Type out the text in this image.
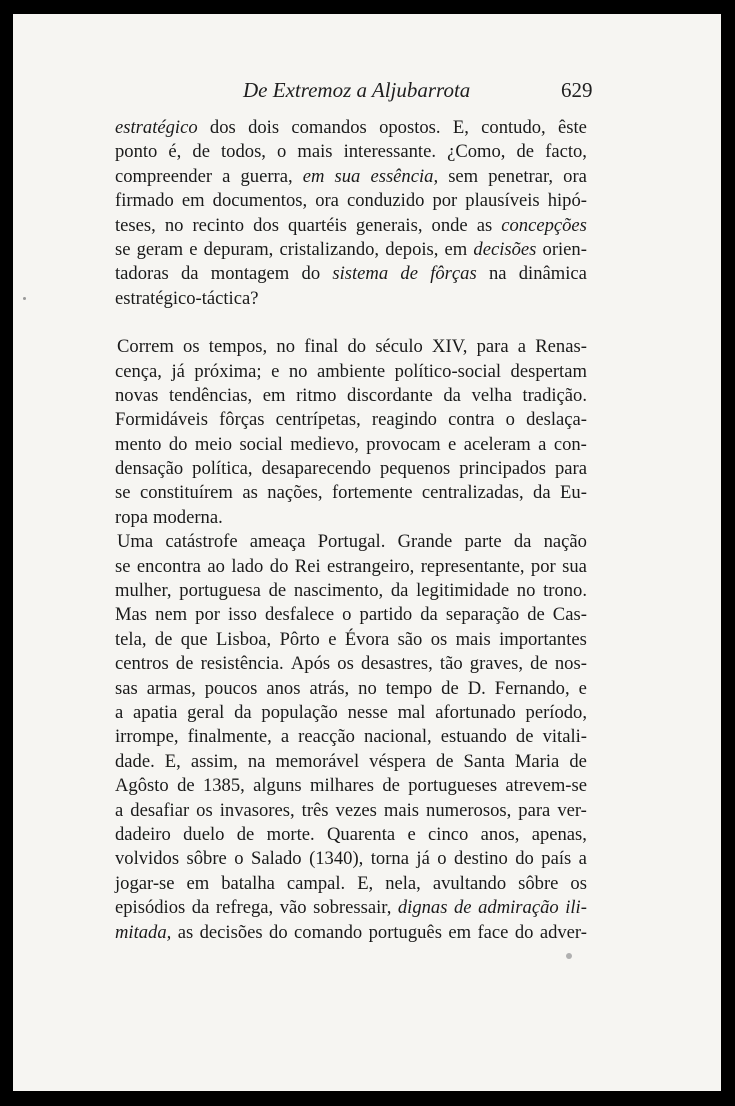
De Extremoz a Aljubarrota	629
estratégico dos dois comandos opostos. E, contudo, êste
ponto é, de todos, o mais interessante. ¿Como, de facto,
compreender a guerra, em sua essência, sem penetrar, ora
firmado em documentos, ora conduzido por plausíveis hipó-
teses, no recinto dos quartéis generais, onde as concepções
se geram e depuram, cristalizando, depois, em decisões orien-
tadoras da montagem do sistema de fôrças na dinâmica
estratégico-táctica?
Correm os tempos, no final do século XIV, para a Renas-
cença, já próxima; e no ambiente político-social despertam
novas tendências, em ritmo discordante da velha tradição.
Formidáveis fôrças centrípetas, reagindo contra o deslaça-
mento do meio social medievo, provocam e aceleram a con-
densação política, desaparecendo pequenos principados para
se constituírem as nações, fortemente centralizadas, da Eu-
ropa moderna.
Uma catástrofe ameaça Portugal. Grande parte da nação
se encontra ao lado do Rei estrangeiro, representante, por sua
mulher, portuguesa de nascimento, da legitimidade no trono.
Mas nem por isso desfalece o partido da separação de Cas-
tela, de que Lisboa, Pôrto e Évora são os mais importantes
centros de resistência. Após os desastres, tão graves, de nos-
sas armas, poucos anos atrás, no tempo de D. Fernando, e
a apatia geral da população nesse mal afortunado período,
irrompe, finalmente, a reacção nacional, estuando de vitali-
dade. E, assim, na memorável véspera de Santa Maria de
Agôsto de 1385, alguns milhares de portugueses atrevem-se
a desafiar os invasores, três vezes mais numerosos, para ver-
dadeiro duelo de morte. Quarenta e cinco anos, apenas,
volvidos sôbre o Salado (1340), torna já o destino do país a
jogar-se em batalha campal. E, nela, avultando sôbre os
episódios da refrega, vão sobressair, dignas de admiração ili-
mitada, as decisões do comando português em face do adver-
